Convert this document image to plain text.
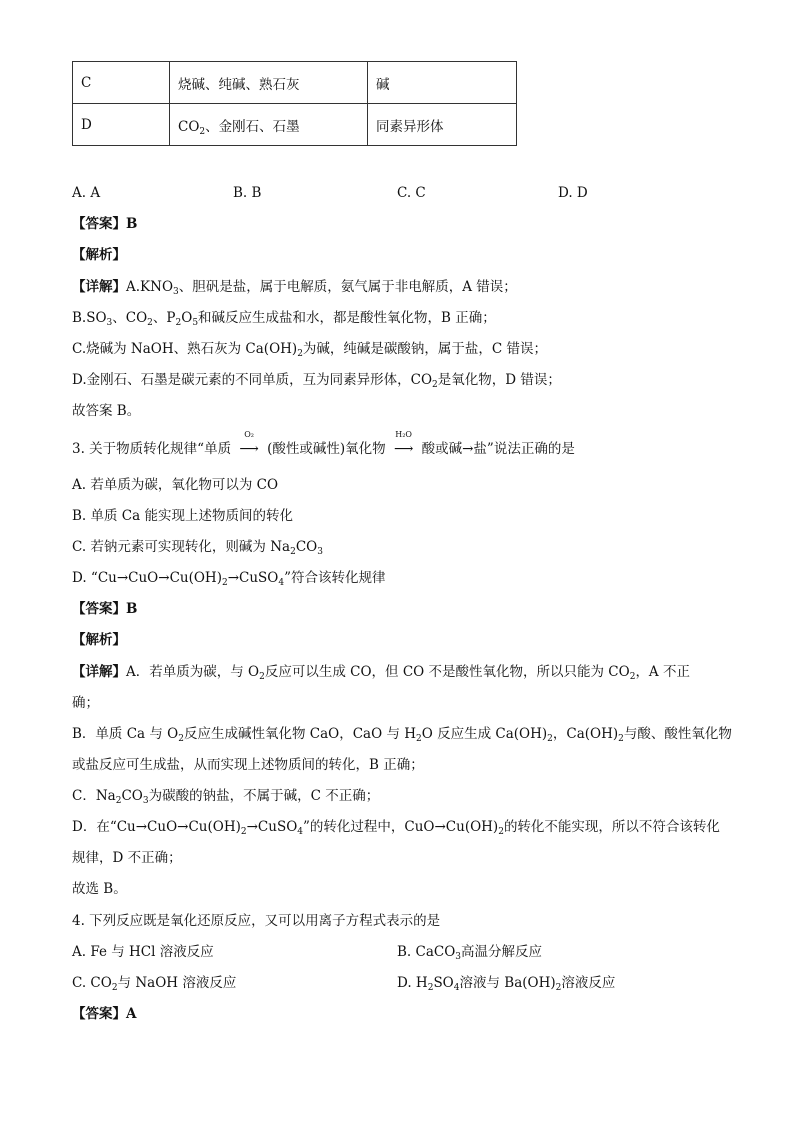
C	烧碱、纯碱、熟石灰	碱
D	$CO_2$、金刚石、石墨	同素异形体
A. A	B. B	C. C	D. D
【答案】B
【解析】
【详解】$A.KNO_3$、胆矾是盐，属于电解质，氨气属于非电解质，A 错误；
$B.SO_3$、$CO_2$、$P_2O_5$和碱反应生成盐和水，都是酸性氧化物，B 正确；
C.烧碱为 NaOH、熟石灰为 $Ca(OH)_2$为碱，纯碱是碳酸钠，属于盐，C 错误；
D.金刚石、石墨是碳元素的不同单质，互为同素异形体，$CO_2$是氧化物，D 错误；
故答案 B。
3. 关于物质转化规律“单质
O₂
⟶ (酸性或碱性)氧化物
H₂O
⟶ 酸或碱→盐”说法正确的是
A. 若单质为碳，氧化物可以为 CO
B. 单质 Ca 能实现上述物质间的转化
C. 若钠元素可实现转化，则碱为 $Na_2CO_3$
D. “$Cu\to CuO\to Cu(OH)_2\to CuSO_4$”符合该转化规律
【答案】B
【解析】
【详解】A．若单质为碳，与 $O_2$反应可以生成 CO，但 CO 不是酸性氧化物，所以只能为 $CO_2$，A 不正
确；
B．单质 Ca 与 $O_2$反应生成碱性氧化物 CaO，CaO 与 $H_2O$ 反应生成 $Ca(OH)_2$，$Ca(OH)_2$与酸、酸性氧化物
或盐反应可生成盐，从而实现上述物质间的转化，B 正确；
C．$Na_2CO_3$为碳酸的钠盐，不属于碱，C 不正确；
D．在“$Cu\to CuO\to Cu(OH)_2\to CuSO_4$”的转化过程中，$CuO\to Cu(OH)_2$的转化不能实现，所以不符合该转化
规律，D 不正确；
故选 B。
4. 下列反应既是氧化还原反应，又可以用离子方程式表示的是
A. Fe 与 HCl 溶液反应	B. CaCO$_3$高温分解反应
C. $CO_2$与 NaOH 溶液反应	D. $H_2SO_4$溶液与 $Ba(OH)_2$溶液反应
【答案】A
